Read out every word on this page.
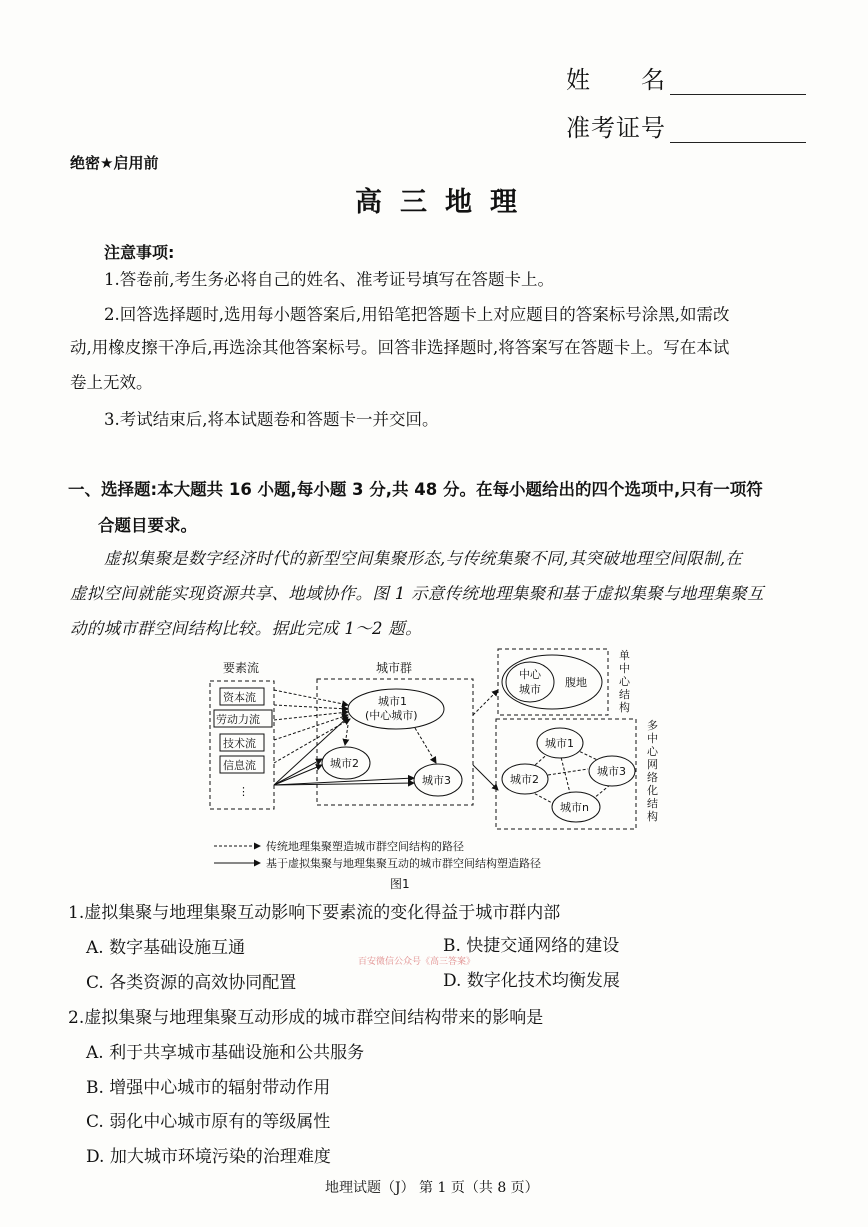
姓　　名
准考证号
绝密★启用前
高三地理
注意事项:
1.答卷前,考生务必将自己的姓名、准考证号填写在答题卡上。
2.回答选择题时,选用每小题答案后,用铅笔把答题卡上对应题目的答案标号涂黑,如需改
动,用橡皮擦干净后,再选涂其他答案标号。回答非选择题时,将答案写在答题卡上。写在本试
卷上无效。
3.考试结束后,将本试题卷和答题卡一并交回。
一、选择题:本大题共 16 小题,每小题 3 分,共 48 分。在每小题给出的四个选项中,只有一项符
合题目要求。
虚拟集聚是数字经济时代的新型空间集聚形态,与传统集聚不同,其突破地理空间限制,在
虚拟空间就能实现资源共享、地域协作。图 1 示意传统地理集聚和基于虚拟集聚与地理集聚互
动的城市群空间结构比较。据此完成 1～2 题。
要素流
资本流
劳动力流
技术流
信息流
⋮
城市群
城市1
(中心城市)
城市2
城市3
中心
城市
腹地
单中心结构
城市1
城市2
城市3
城市n
多中心网络化结构
传统地理集聚塑造城市群空间结构的路径
基于虚拟集聚与地理集聚互动的城市群空间结构塑造路径
图1
1.虚拟集聚与地理集聚互动影响下要素流的变化得益于城市群内部
A. 数字基础设施互通	B. 快捷交通网络的建设
百安微信公众号《高三答案》
C. 各类资源的高效协同配置	D. 数字化技术均衡发展
2.虚拟集聚与地理集聚互动形成的城市群空间结构带来的影响是
A. 利于共享城市基础设施和公共服务
B. 增强中心城市的辐射带动作用
C. 弱化中心城市原有的等级属性
D. 加大城市环境污染的治理难度
地理试题（J） 第 1 页（共 8 页）
